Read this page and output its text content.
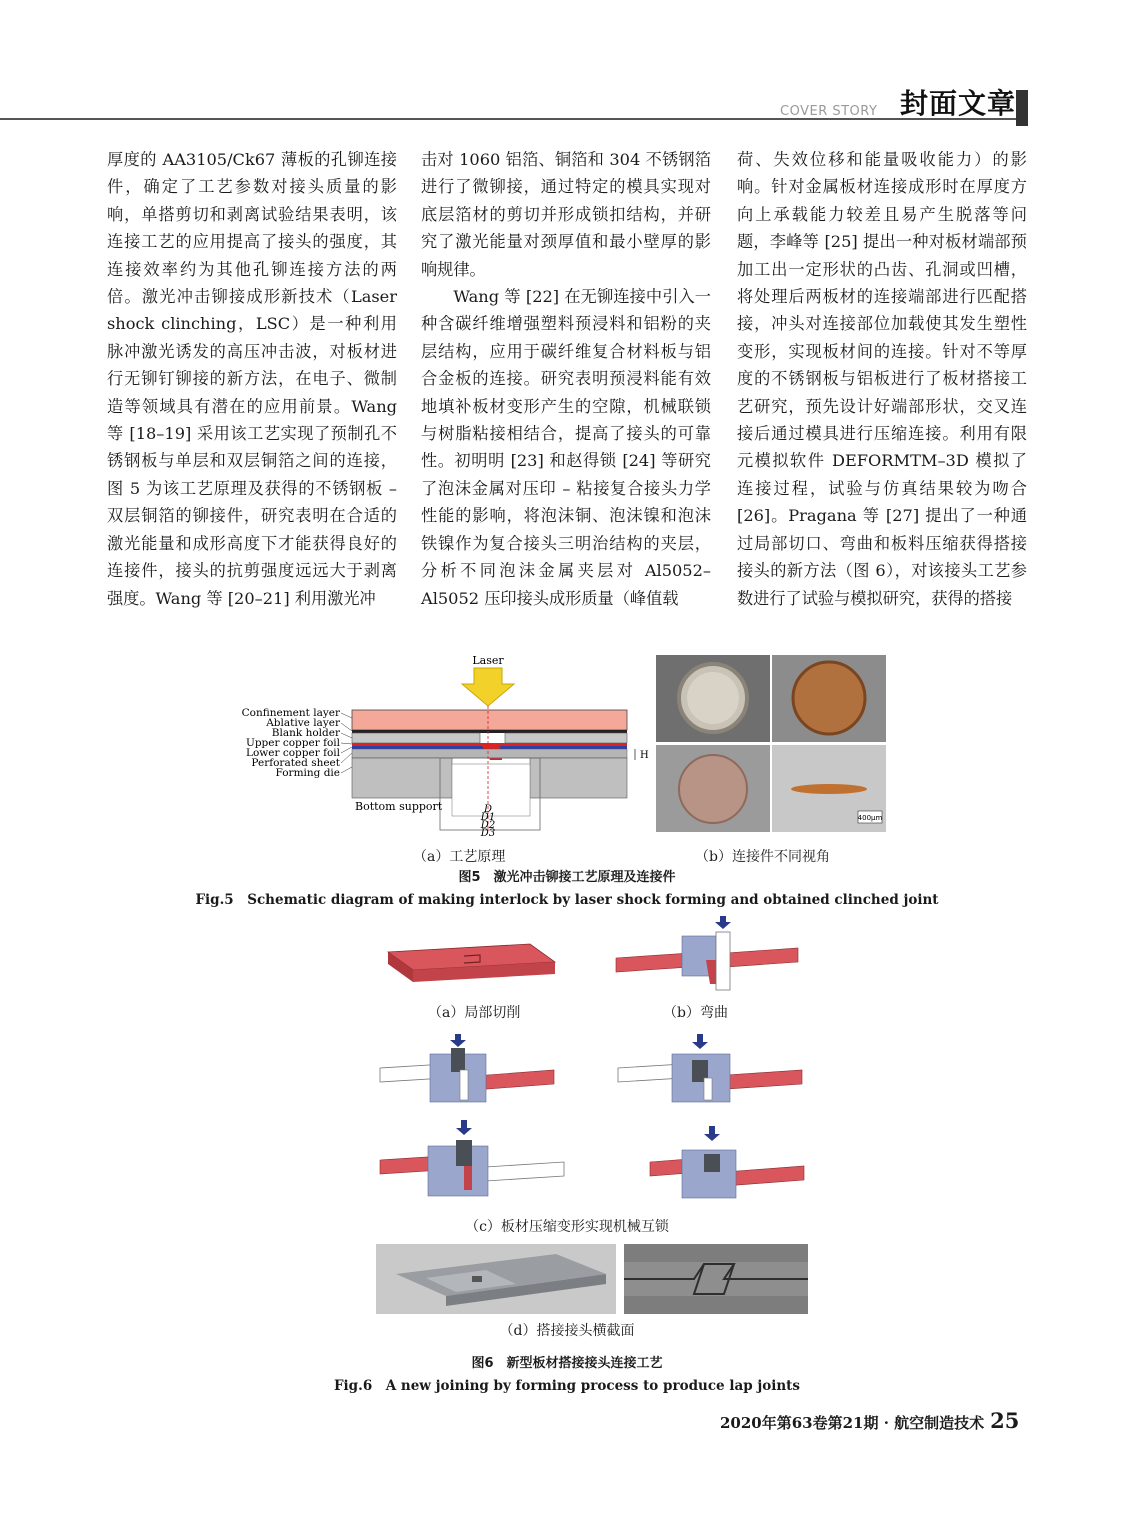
COVER STORY 封面文章

厚度的 AA3105/Ck67 薄板的孔铆连接件，确定了工艺参数对接头质量的影响，单搭剪切和剥离试验结果表明，该连接工艺的应用提高了接头的强度，其连接效率约为其他孔铆连接方法的两倍。激光冲击铆接成形新技术（Laser shock clinching，LSC）是一种利用脉冲激光诱发的高压冲击波，对板材进行无铆钉铆接的新方法，在电子、微制造等领域具有潜在的应用前景。Wang 等 [18–19] 采用该工艺实现了预制孔不锈钢板与单层和双层铜箔之间的连接，图 5 为该工艺原理及获得的不锈钢板 – 双层铜箔的铆接件，研究表明在合适的激光能量和成形高度下才能获得良好的连接件，接头的抗剪强度远远大于剥离强度。Wang 等 [20–21] 利用激光冲

击对 1060 铝箔、铜箔和 304 不锈钢箔进行了微铆接，通过特定的模具实现对底层箔材的剪切并形成锁扣结构，并研究了激光能量对颈厚值和最小壁厚的影响规律。

Wang 等 [22] 在无铆连接中引入一种含碳纤维增强塑料预浸料和铝粉的夹层结构，应用于碳纤维复合材料板与铝合金板的连接。研究表明预浸料能有效地填补板材变形产生的空隙，机械联锁与树脂粘接相结合，提高了接头的可靠性。初明明 [23] 和赵得锁 [24] 等研究了泡沫金属对压印 – 粘接复合接头力学性能的影响，将泡沫铜、泡沫镍和泡沫铁镍作为复合接头三明治结构的夹层，分析不同泡沫金属夹层对 Al5052–Al5052 压印接头成形质量（峰值载

荷、失效位移和能量吸收能力）的影响。针对金属板材连接成形时在厚度方向上承载能力较差且易产生脱落等问题，李峰等 [25] 提出一种对板材端部预加工出一定形状的凸齿、孔洞或凹槽，将处理后两板材的连接端部进行匹配搭接，冲头对连接部位加载使其发生塑性变形，实现板材间的连接。针对不等厚度的不锈钢板与铝板进行了板材搭接工艺研究，预先设计好端部形状，交叉连接后通过模具进行压缩连接。利用有限元模拟软件 DEFORMTM–3D 模拟了连接过程，试验与仿真结果较为吻合 [26]。Pragana 等 [27] 提出了一种通过局部切口、弯曲和板料压缩获得搭接接头的新方法（图 6），对该接头工艺参数进行了试验与模拟研究，获得的搭接

Laser
H
Confinement layer
Ablative layer
Blank holder
Upper copper foil
Lower copper foil
Perforated sheet
Forming die
Bottom support	D
D1
D2
D3
400μm
（a）工艺原理	（b）连接件不同视角
图5　激光冲击铆接工艺原理及连接件
Fig.5　Schematic diagram of making interlock by laser shock forming and obtained clinched joint
（a）局部切削	（b）弯曲
（c）板材压缩变形实现机械互锁
（d）搭接接头横截面
图6　新型板材搭接接头连接工艺
Fig.6　A new joining by forming process to produce lap joints
2020年第63卷第21期 · 航空制造技术 25
